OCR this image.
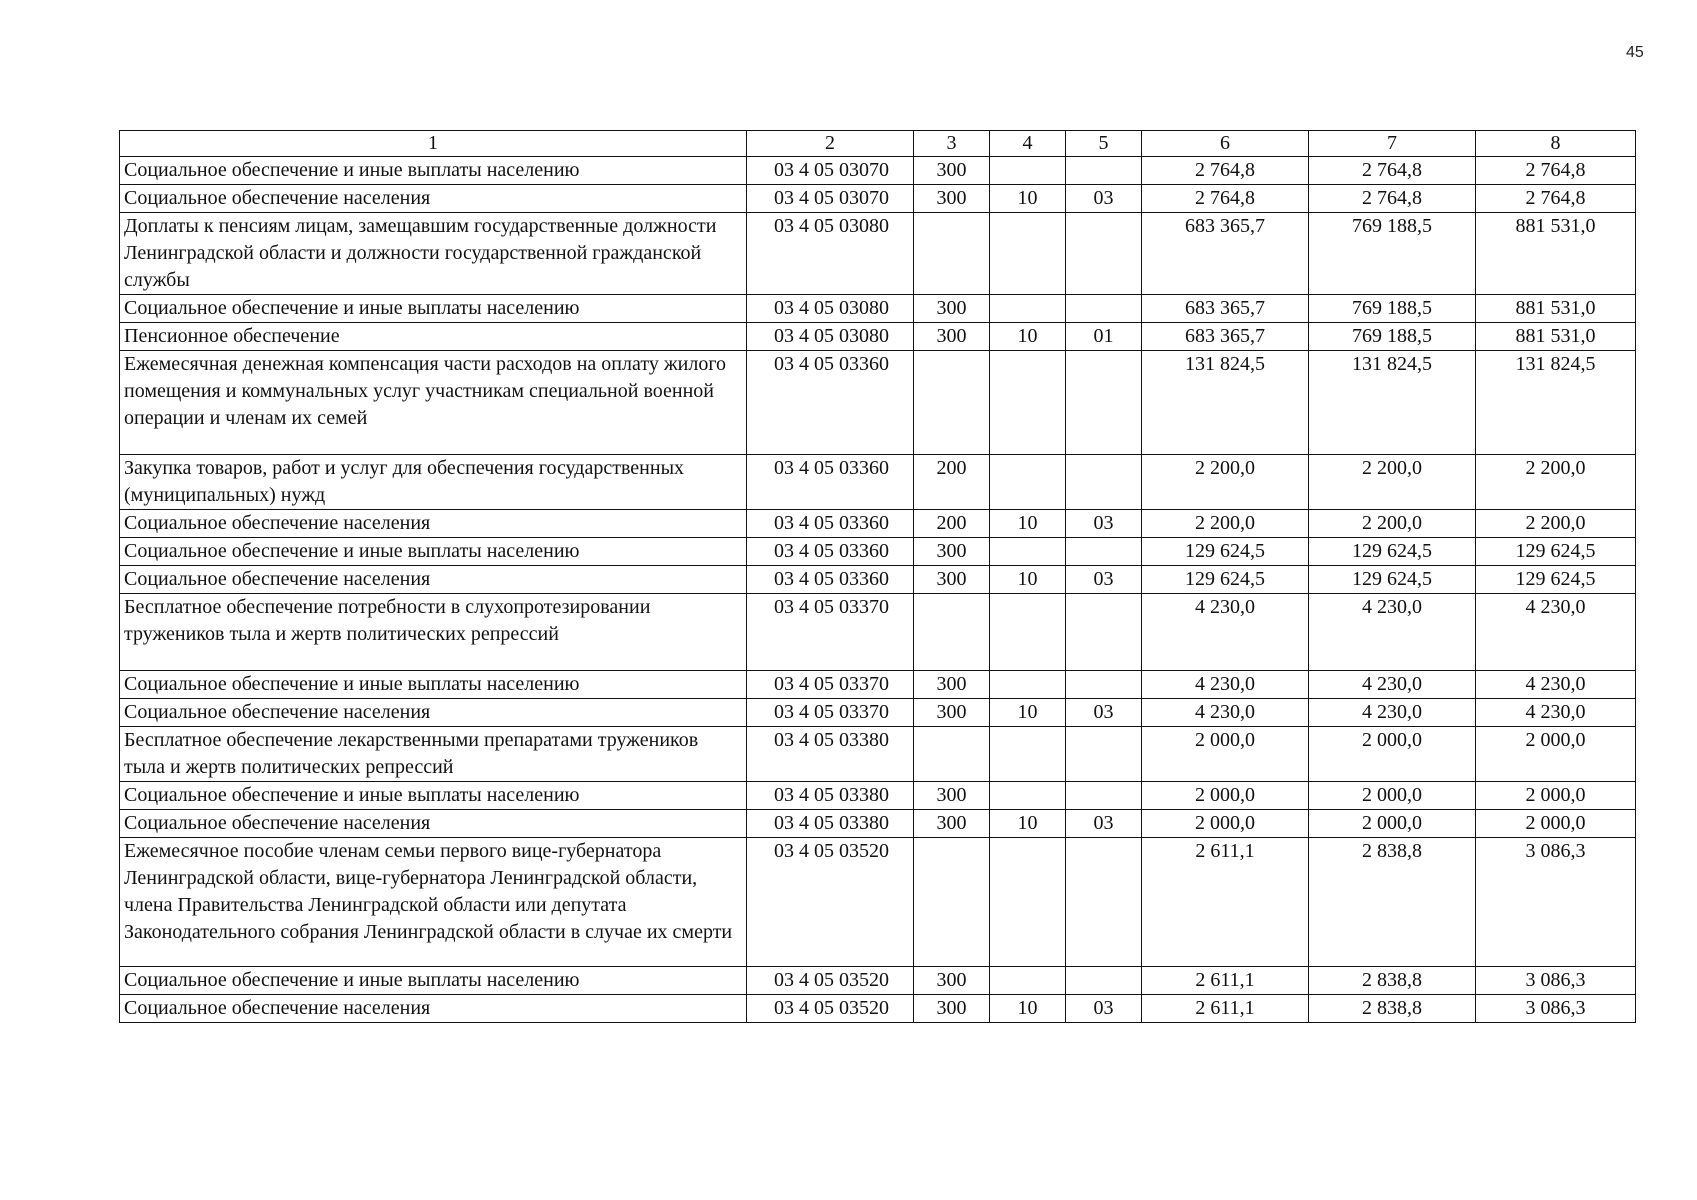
45
1	2	3	4	5	6	7	8
Социальное обеспечение и иные выплаты населению	03 4 05 03070	300			2 764,8	2 764,8	2 764,8
Социальное обеспечение населения	03 4 05 03070	300	10	03	2 764,8	2 764,8	2 764,8
Доплаты к пенсиям лицам, замещавшим государственные должности Ленинградской области и должности государственной гражданской службы	03 4 05 03080				683 365,7	769 188,5	881 531,0
Социальное обеспечение и иные выплаты населению	03 4 05 03080	300			683 365,7	769 188,5	881 531,0
Пенсионное обеспечение	03 4 05 03080	300	10	01	683 365,7	769 188,5	881 531,0
Ежемесячная денежная компенсация части расходов на оплату жилого помещения и коммунальных услуг участникам специальной военной операции и членам их семей	03 4 05 03360				131 824,5	131 824,5	131 824,5
Закупка товаров, работ и услуг для обеспечения государственных (муниципальных) нужд	03 4 05 03360	200			2 200,0	2 200,0	2 200,0
Социальное обеспечение населения	03 4 05 03360	200	10	03	2 200,0	2 200,0	2 200,0
Социальное обеспечение и иные выплаты населению	03 4 05 03360	300			129 624,5	129 624,5	129 624,5
Социальное обеспечение населения	03 4 05 03360	300	10	03	129 624,5	129 624,5	129 624,5
Бесплатное обеспечение потребности в слухопротезировании тружеников тыла и жертв политических репрессий	03 4 05 03370				4 230,0	4 230,0	4 230,0
Социальное обеспечение и иные выплаты населению	03 4 05 03370	300			4 230,0	4 230,0	4 230,0
Социальное обеспечение населения	03 4 05 03370	300	10	03	4 230,0	4 230,0	4 230,0
Бесплатное обеспечение лекарственными препаратами тружеников тыла и жертв политических репрессий	03 4 05 03380				2 000,0	2 000,0	2 000,0
Социальное обеспечение и иные выплаты населению	03 4 05 03380	300			2 000,0	2 000,0	2 000,0
Социальное обеспечение населения	03 4 05 03380	300	10	03	2 000,0	2 000,0	2 000,0
Ежемесячное пособие членам семьи первого вице-губернатора Ленинградской области, вице-губернатора Ленинградской области, члена Правительства Ленинградской области или депутата Законодательного собрания Ленинградской области в случае их смерти	03 4 05 03520				2 611,1	2 838,8	3 086,3
Социальное обеспечение и иные выплаты населению	03 4 05 03520	300			2 611,1	2 838,8	3 086,3
Социальное обеспечение населения	03 4 05 03520	300	10	03	2 611,1	2 838,8	3 086,3
